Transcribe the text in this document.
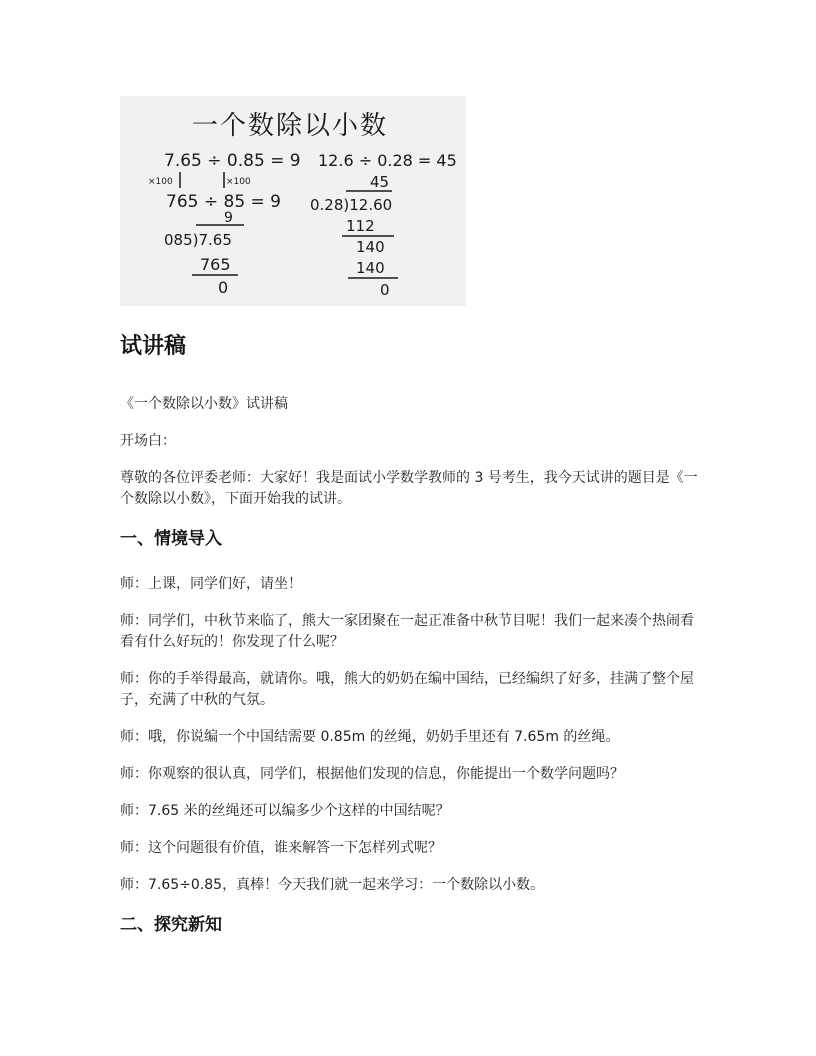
一个数除以小数
7.65 ÷ 0.85 = 9
×100	×100
765 ÷ 85 = 9
9
085)7.65
765
0
12.6 ÷ 0.28 = 45
45
0.28)12.60
112
140
140
0
试讲稿

《一个数除以小数》试讲稿

开场白：

尊敬的各位评委老师：大家好！我是面试小学数学教师的 3 号考生，我今天试讲的题目是《一个数除以小数》，下面开始我的试讲。

一、情境导入

师：上课，同学们好，请坐！

师：同学们，中秋节来临了，熊大一家团聚在一起正准备中秋节目呢！我们一起来凑个热闹看看有什么好玩的！你发现了什么呢？

师：你的手举得最高，就请你。哦，熊大的奶奶在编中国结，已经编织了好多，挂满了整个屋子，充满了中秋的气氛。

师：哦，你说编一个中国结需要 0.85m 的丝绳，奶奶手里还有 7.65m 的丝绳。

师：你观察的很认真，同学们，根据他们发现的信息，你能提出一个数学问题吗？

师：7.65 米的丝绳还可以编多少个这样的中国结呢？

师：这个问题很有价值，谁来解答一下怎样列式呢？

师：7.65÷0.85，真棒！今天我们就一起来学习：一个数除以小数。

二、探究新知
